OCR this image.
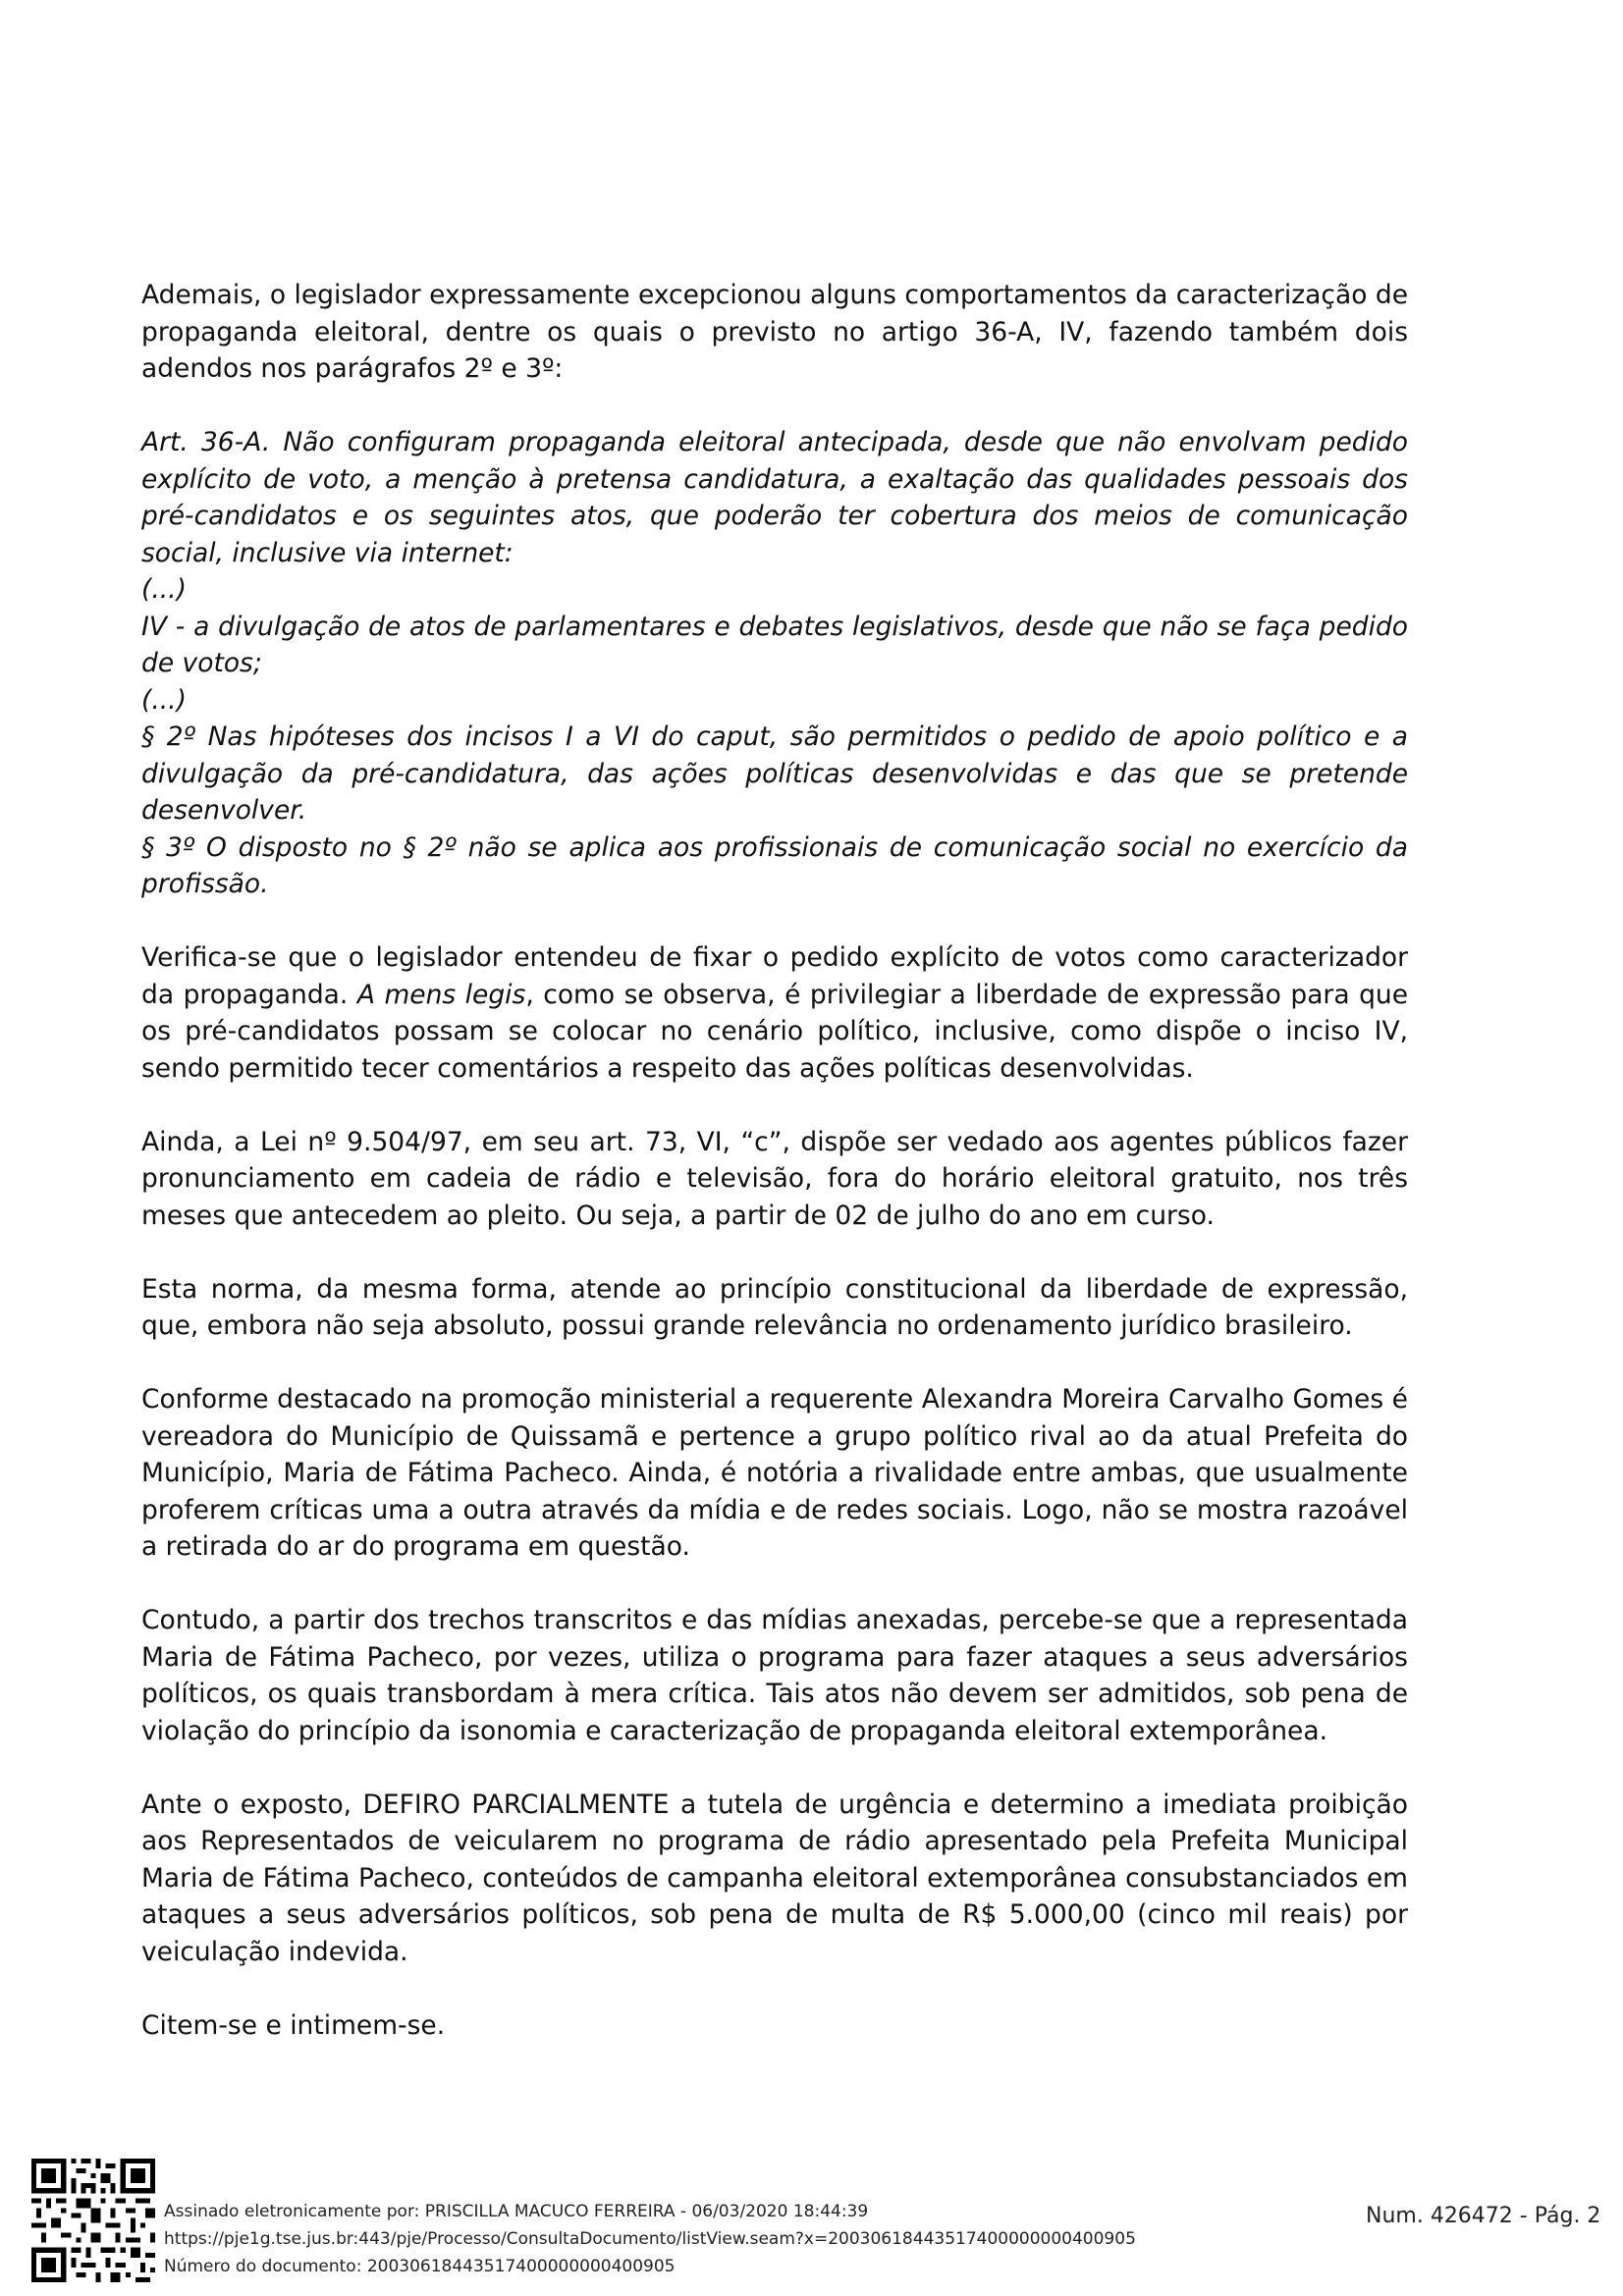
Ademais, o legislador expressamente excepcionou alguns comportamentos da caracterização de propaganda eleitoral, dentre os quais o previsto no artigo 36-A, IV, fazendo também dois adendos nos parágrafos 2º e 3º:

Art. 36-A. Não configuram propaganda eleitoral antecipada, desde que não envolvam pedido explícito de voto, a menção à pretensa candidatura, a exaltação das qualidades pessoais dos pré-candidatos e os seguintes atos, que poderão ter cobertura dos meios de comunicação social, inclusive via internet:

(...)

IV - a divulgação de atos de parlamentares e debates legislativos, desde que não se faça pedido de votos;

(...)

§ 2º Nas hipóteses dos incisos I a VI do caput, são permitidos o pedido de apoio político e a divulgação da pré-candidatura, das ações políticas desenvolvidas e das que se pretende desenvolver.

§ 3º O disposto no § 2º não se aplica aos profissionais de comunicação social no exercício da profissão.

Verifica-se que o legislador entendeu de fixar o pedido explícito de votos como caracterizador da propaganda. A mens legis, como se observa, é privilegiar a liberdade de expressão para que os pré-candidatos possam se colocar no cenário político, inclusive, como dispõe o inciso IV, sendo permitido tecer comentários a respeito das ações políticas desenvolvidas.

Ainda, a Lei nº 9.504/97, em seu art. 73, VI, “c”, dispõe ser vedado aos agentes públicos fazer pronunciamento em cadeia de rádio e televisão, fora do horário eleitoral gratuito, nos três meses que antecedem ao pleito. Ou seja, a partir de 02 de julho do ano em curso.

Esta norma, da mesma forma, atende ao princípio constitucional da liberdade de expressão, que, embora não seja absoluto, possui grande relevância no ordenamento jurídico brasileiro.

Conforme destacado na promoção ministerial a requerente Alexandra Moreira Carvalho Gomes é vereadora do Município de Quissamã e pertence a grupo político rival ao da atual Prefeita do Município, Maria de Fátima Pacheco. Ainda, é notória a rivalidade entre ambas, que usualmente proferem críticas uma a outra através da mídia e de redes sociais. Logo, não se mostra razoável a retirada do ar do programa em questão.

Contudo, a partir dos trechos transcritos e das mídias anexadas, percebe-se que a representada Maria de Fátima Pacheco, por vezes, utiliza o programa para fazer ataques a seus adversários políticos, os quais transbordam à mera crítica. Tais atos não devem ser admitidos, sob pena de violação do princípio da isonomia e caracterização de propaganda eleitoral extemporânea.

Ante o exposto, DEFIRO PARCIALMENTE a tutela de urgência e determino a imediata proibição aos Representados de veicularem no programa de rádio apresentado pela Prefeita Municipal Maria de Fátima Pacheco, conteúdos de campanha eleitoral extemporânea consubstanciados em ataques a seus adversários políticos, sob pena de multa de R$ 5.000,00 (cinco mil reais) por veiculação indevida.

Citem-se e intimem-se.

Assinado eletronicamente por: PRISCILLA MACUCO FERREIRA - 06/03/2020 18:44:39
https://pje1g.tse.jus.br:443/pje/Processo/ConsultaDocumento/listView.seam?x=20030618443517400000000400905
Número do documento: 20030618443517400000000400905
Num. 426472 - Pág. 2
